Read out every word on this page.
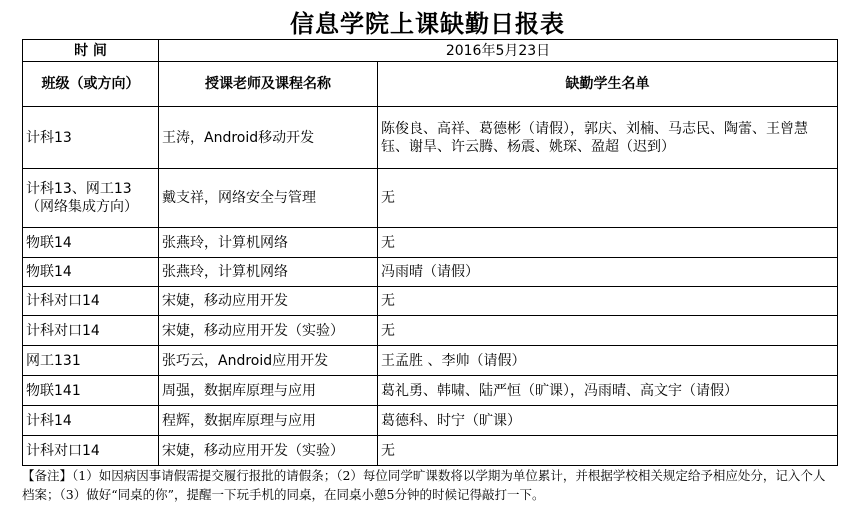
信息学院上课缺勤日报表
时 间	2016年5月23日	
班级（或方向）	授课老师及课程名称	缺勤学生名单
计科13	王涛，Android移动开发	陈俊良、高祥、葛德彬（请假），郭庆、刘楠、马志民、陶蕾、王曾慧钰、谢旱、许云腾、杨震、姚琛、盈超（迟到）
计科13、网工13（网络集成方向）	戴支祥，网络安全与管理	无
物联14	张燕玲，计算机网络	无
物联14	张燕玲，计算机网络	冯雨晴（请假）
计科对口14	宋婕，移动应用开发	无
计科对口14	宋婕，移动应用开发（实验）	无
网工131	张巧云，Android应用开发	王孟胜 、李帅（请假）
物联141	周强，数据库原理与应用	葛礼勇、韩啸、陆严恒（旷课），冯雨晴、高文宇（请假）
计科14	程辉，数据库原理与应用	葛德科、时宁（旷课）
计科对口14	宋婕，移动应用开发（实验）	无
【备注】（1）如因病因事请假需提交履行报批的请假条；（2）每位同学旷课数将以学期为单位累计，并根据学校相关规定给予相应处分，记入个人档案；（3）做好“同桌的你”，提醒一下玩手机的同桌，在同桌小憩5分钟的时候记得敲打一下。
